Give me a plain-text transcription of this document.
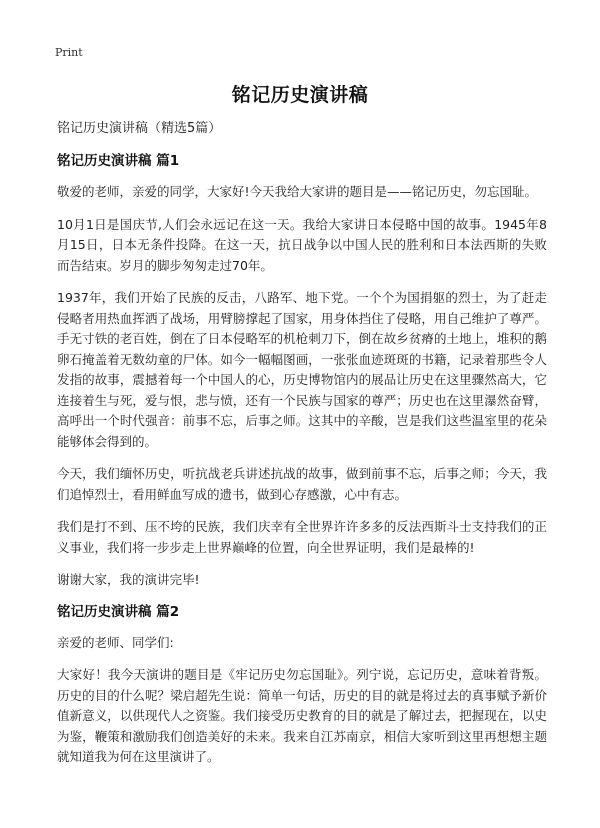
Print
铭记历史演讲稿

铭记历史演讲稿（精选5篇）

铭记历史演讲稿 篇1

敬爱的老师，亲爱的同学，大家好!今天我给大家讲的题目是——铭记历史，勿忘国耻。

10月1日是国庆节,人们会永远记在这一天。我给大家讲日本侵略中国的故事。1945年8月15日，日本无条件投降。在这一天，抗日战争以中国人民的胜利和日本法西斯的失败而告结束。岁月的脚步匆匆走过70年。

1937年，我们开始了民族的反击，八路军、地下党。一个个为国捐躯的烈士，为了赶走侵略者用热血挥洒了战场，用臂膀撑起了国家，用身体挡住了侵略，用自己维护了尊严。手无寸铁的老百姓，倒在了日本侵略军的机枪刺刀下，倒在故乡贫瘠的土地上，堆积的鹅卵石掩盖着无数幼童的尸体。如今一幅幅图画，一张张血迹斑斑的书籍，记录着那些令人发指的故事，震撼着每一个中国人的心，历史博物馆内的展品让历史在这里骤然高大，它连接着生与死，爱与恨，悲与愤，还有一个民族与国家的尊严；历史也在这里瀑然奋臂，高呼出一个时代强音：前事不忘，后事之师。这其中的辛酸，岂是我们这些温室里的花朵能够体会得到的。

今天，我们缅怀历史，听抗战老兵讲述抗战的故事，做到前事不忘，后事之师；今天，我们追悼烈士，看用鲜血写成的遗书，做到心存感激，心中有志。

我们是打不到、压不垮的民族，我们庆幸有全世界许许多多的反法西斯斗士支持我们的正义事业，我们将一步步走上世界巅峰的位置，向全世界证明，我们是最棒的!

谢谢大家，我的演讲完毕!

铭记历史演讲稿 篇2

亲爱的老师、同学们:

大家好！我今天演讲的题目是《牢记历史勿忘国耻》。列宁说，忘记历史，意味着背叛。历史的目的什么呢？梁启超先生说：简单一句话，历史的目的就是将过去的真事赋予新价值新意义，以供现代人之资鉴。我们接受历史教育的目的就是了解过去，把握现在，以史为鉴，鞭策和激励我们创造美好的未来。我来自江苏南京，相信大家听到这里再想想主题就知道我为何在这里演讲了。
